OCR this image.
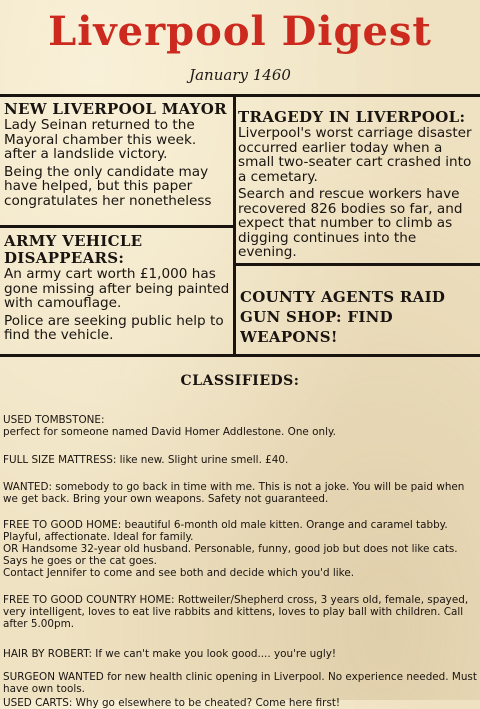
Liverpool Digest
January 1460
NEW LIVERPOOL MAYOR

Lady Seinan returned to the Mayoral chamber this week. after a landslide victory.

Being the only candidate may have helped, but this paper congratulates her nonetheless

ARMY VEHICLE DISAPPEARS:

An army cart worth £1,000 has gone missing after being painted with camouflage.

Police are seeking public help to find the vehicle.

TRAGEDY IN LIVERPOOL:

Liverpool's worst carriage disaster occurred earlier today when a small two-seater cart crashed into a cemetary.

Search and rescue workers have recovered 826 bodies so far, and expect that number to climb as digging continues into the evening.

COUNTY AGENTS RAID GUN SHOP: FIND WEAPONS!
CLASSIFIEDS:

USED TOMBSTONE:
perfect for someone named David Homer Addlestone. One only.

FULL SIZE MATTRESS: like new. Slight urine smell. £40.

WANTED: somebody to go back in time with me. This is not a joke. You will be paid when we get back. Bring your own weapons. Safety not guaranteed.

FREE TO GOOD HOME: beautiful 6-month old male kitten. Orange and caramel tabby. Playful, affectionate. Ideal for family.
OR Handsome 32-year old husband. Personable, funny, good job but does not like cats. Says he goes or the cat goes.
Contact Jennifer to come and see both and decide which you'd like.

FREE TO GOOD COUNTRY HOME: Rottweiler/Shepherd cross, 3 years old, female, spayed, very intelligent, loves to eat live rabbits and kittens, loves to play ball with children. Call after 5.00pm.

HAIR BY ROBERT: If we can't make you look good.... you're ugly!

SURGEON WANTED for new health clinic opening in Liverpool. No experience needed. Must have own tools.

USED CARTS: Why go elsewhere to be cheated? Come here first!
